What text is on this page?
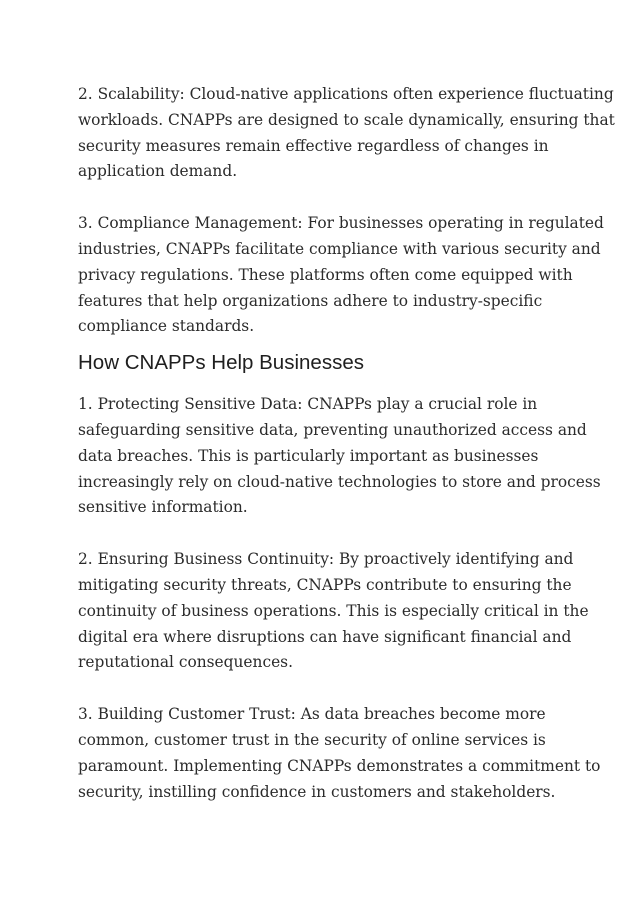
2. Scalability: Cloud-native applications often experience fluctuating
workloads. CNAPPs are designed to scale dynamically, ensuring that
security measures remain effective regardless of changes in
application demand.

3. Compliance Management: For businesses operating in regulated
industries, CNAPPs facilitate compliance with various security and
privacy regulations. These platforms often come equipped with
features that help organizations adhere to industry-specific
compliance standards.

How CNAPPs Help Businesses

1. Protecting Sensitive Data: CNAPPs play a crucial role in
safeguarding sensitive data, preventing unauthorized access and
data breaches. This is particularly important as businesses
increasingly rely on cloud-native technologies to store and process
sensitive information.

2. Ensuring Business Continuity: By proactively identifying and
mitigating security threats, CNAPPs contribute to ensuring the
continuity of business operations. This is especially critical in the
digital era where disruptions can have significant financial and
reputational consequences.

3. Building Customer Trust: As data breaches become more
common, customer trust in the security of online services is
paramount. Implementing CNAPPs demonstrates a commitment to
security, instilling confidence in customers and stakeholders.
